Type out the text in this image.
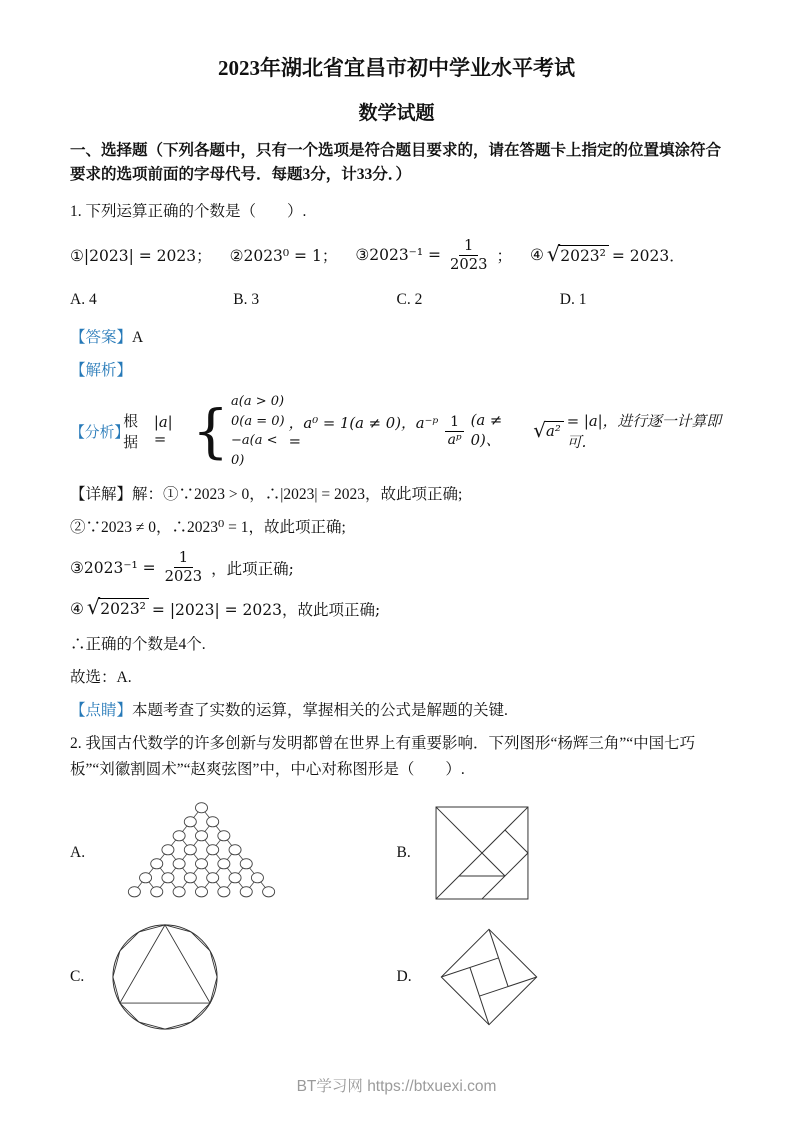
2023年湖北省宜昌市初中学业水平考试
数学试题

一、选择题（下列各题中，只有一个选项是符合题目要求的，请在答题卡上指定的位置填涂符合要求的选项前面的字母代号．每题3分，计33分．）

1. 下列运算正确的个数是（　　）.

①|2023| = 2023； ②2023⁰ = 1； ③2023⁻¹ = $\frac{1}{2023}$ ； ④ √ 2023² = 2023．
A. 4	B. 3	C. 2	D. 1

【答案】A

【解析】

【分析】
根据
|a| = { a(a > 0)
0(a = 0)
−a(a < 0)
，a⁰ = 1(a ≠ 0)，a⁻ᵖ =	$\frac{1}{\text{aᵖ}} (a \ne 0)$、	√ a²
= |a|，进行逐一计算即可.

【详解】解：①∵2023 > 0，∴|2023| = 2023，故此项正确;

②∵2023 ≠ 0，∴2023⁰ = 1，故此项正确;

③2023⁻¹ = $\frac{1}{2023}$ ，此项正确;
④ √ 2023² = |2023| = 2023，故此项正确;

∴正确的个数是4个.

故选：A.

【点睛】本题考查了实数的运算，掌握相关的公式是解题的关键.

2. 我国古代数学的许多创新与发明都曾在世界上有重要影响．下列图形“杨辉三角”“中国七巧板”“刘徽割圆术”“赵爽弦图”中，中心对称图形是（　　）.

A.	B.
C.	D.
BT学习网 https://btxuexi.com
